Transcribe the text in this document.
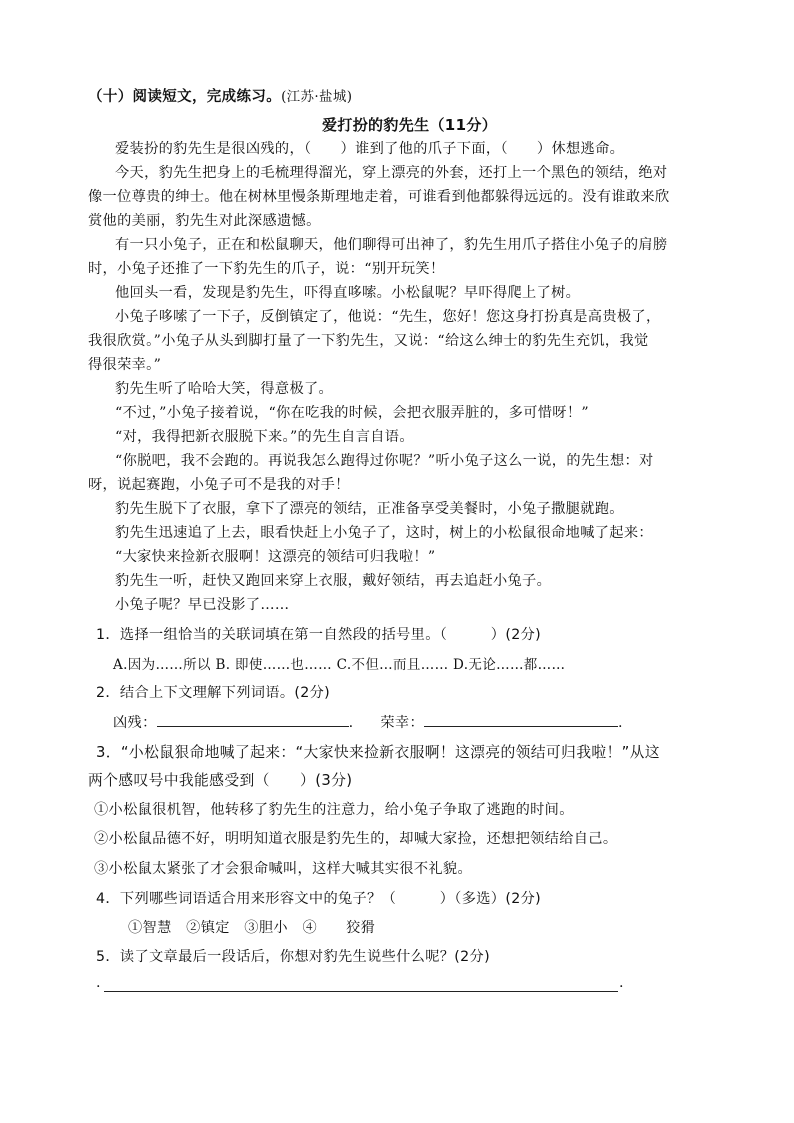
（十）阅读短文，完成练习。(江苏·盐城)
爱打扮的豹先生（11分）
爱装扮的豹先生是很凶残的，（　　）谁到了他的爪子下面，（　　）休想逃命。
今天，豹先生把身上的毛梳理得溜光，穿上漂亮的外套，还打上一个黑色的领结，绝对
像一位尊贵的绅士。他在树林里慢条斯理地走着，可谁看到他都躲得远远的。没有谁敢来欣
赏他的美丽，豹先生对此深感遗憾。
有一只小兔子，正在和松鼠聊天，他们聊得可出神了，豹先生用爪子搭住小兔子的肩膀
时，小兔子还推了一下豹先生的爪子，说：“别开玩笑！
他回头一看，发现是豹先生，吓得直哆嗦。小松鼠呢？早吓得爬上了树。
小兔子哆嗦了一下子，反倒镇定了，他说：“先生，您好！您这身打扮真是高贵极了，
我很欣赏。”小兔子从头到脚打量了一下豹先生，又说：“给这么绅士的豹先生充饥，我觉
得很荣幸。”
豹先生听了哈哈大笑，得意极了。
“不过，”小兔子接着说，“你在吃我的时候，会把衣服弄脏的，多可惜呀！”
“对，我得把新衣服脱下来。”的先生自言自语。
“你脱吧，我不会跑的。再说我怎么跑得过你呢？”听小兔子这么一说，的先生想：对
呀，说起赛跑，小兔子可不是我的对手！
豹先生脱下了衣服，拿下了漂亮的领结，正准备享受美餐时，小兔子撒腿就跑。
豹先生迅速追了上去，眼看快赶上小兔子了，这时，树上的小松鼠很命地喊了起来：
“大家快来捡新衣服啊！这漂亮的领结可归我啦！”
豹先生一听，赶快又跑回来穿上衣服，戴好领结，再去追赶小兔子。
小兔子呢？早已没影了……
1．选择一组恰当的关联词填在第一自然段的括号里。（　　　）(2分)
A.因为……所以 B. 即使……也…… C.不但…而且…… D.无论……都……
2．结合上下文理解下列词语。(2分)
凶残：	. 荣幸：	.
3．“小松鼠狠命地喊了起来：“大家快来捡新衣服啊！这漂亮的领结可归我啦！”从这
两个感叹号中我能感受到（　　）(3分)
①小松鼠很机智，他转移了豹先生的注意力，给小兔子争取了逃跑的时间。
②小松鼠品德不好，明明知道衣服是豹先生的，却喊大家捡，还想把领结给自己。
③小松鼠太紧张了才会狠命喊叫，这样大喊其实很不礼貌。
4．下列哪些词语适合用来形容文中的兔子？（　　　）（多选）(2分)
①智慧　②镇定　③胆小　④　　狡猾
5．读了文章最后一段话后，你想对豹先生说些什么呢？(2分)
.	.
